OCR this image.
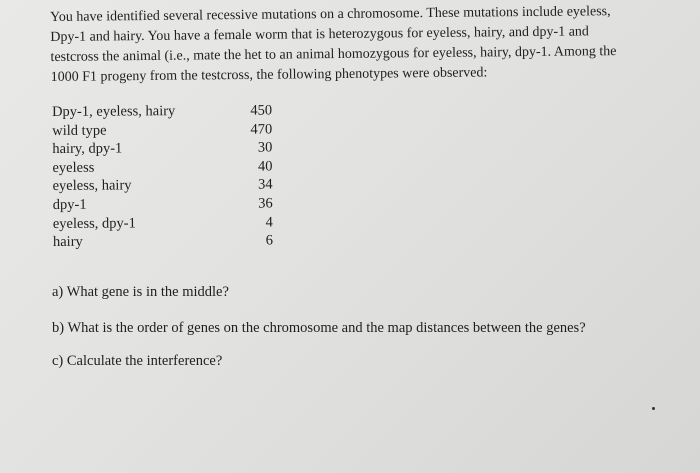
You have identified several recessive mutations on a chromosome. These mutations include eyeless,
Dpy-1 and hairy. You have a female worm that is heterozygous for eyeless, hairy, and dpy-1 and
testcross the animal (i.e., mate the het to an animal homozygous for eyeless, hairy, dpy-1. Among the
1000 F1 progeny from the testcross, the following phenotypes were observed:
Dpy-1, eyeless, hairy	450
wild type	470
hairy, dpy-1	30
eyeless	40
eyeless, hairy	34
dpy-1	36
eyeless, dpy-1	4
hairy	6

a) What gene is in the middle?

b) What is the order of genes on the chromosome and the map distances between the genes?

c) Calculate the interference?
